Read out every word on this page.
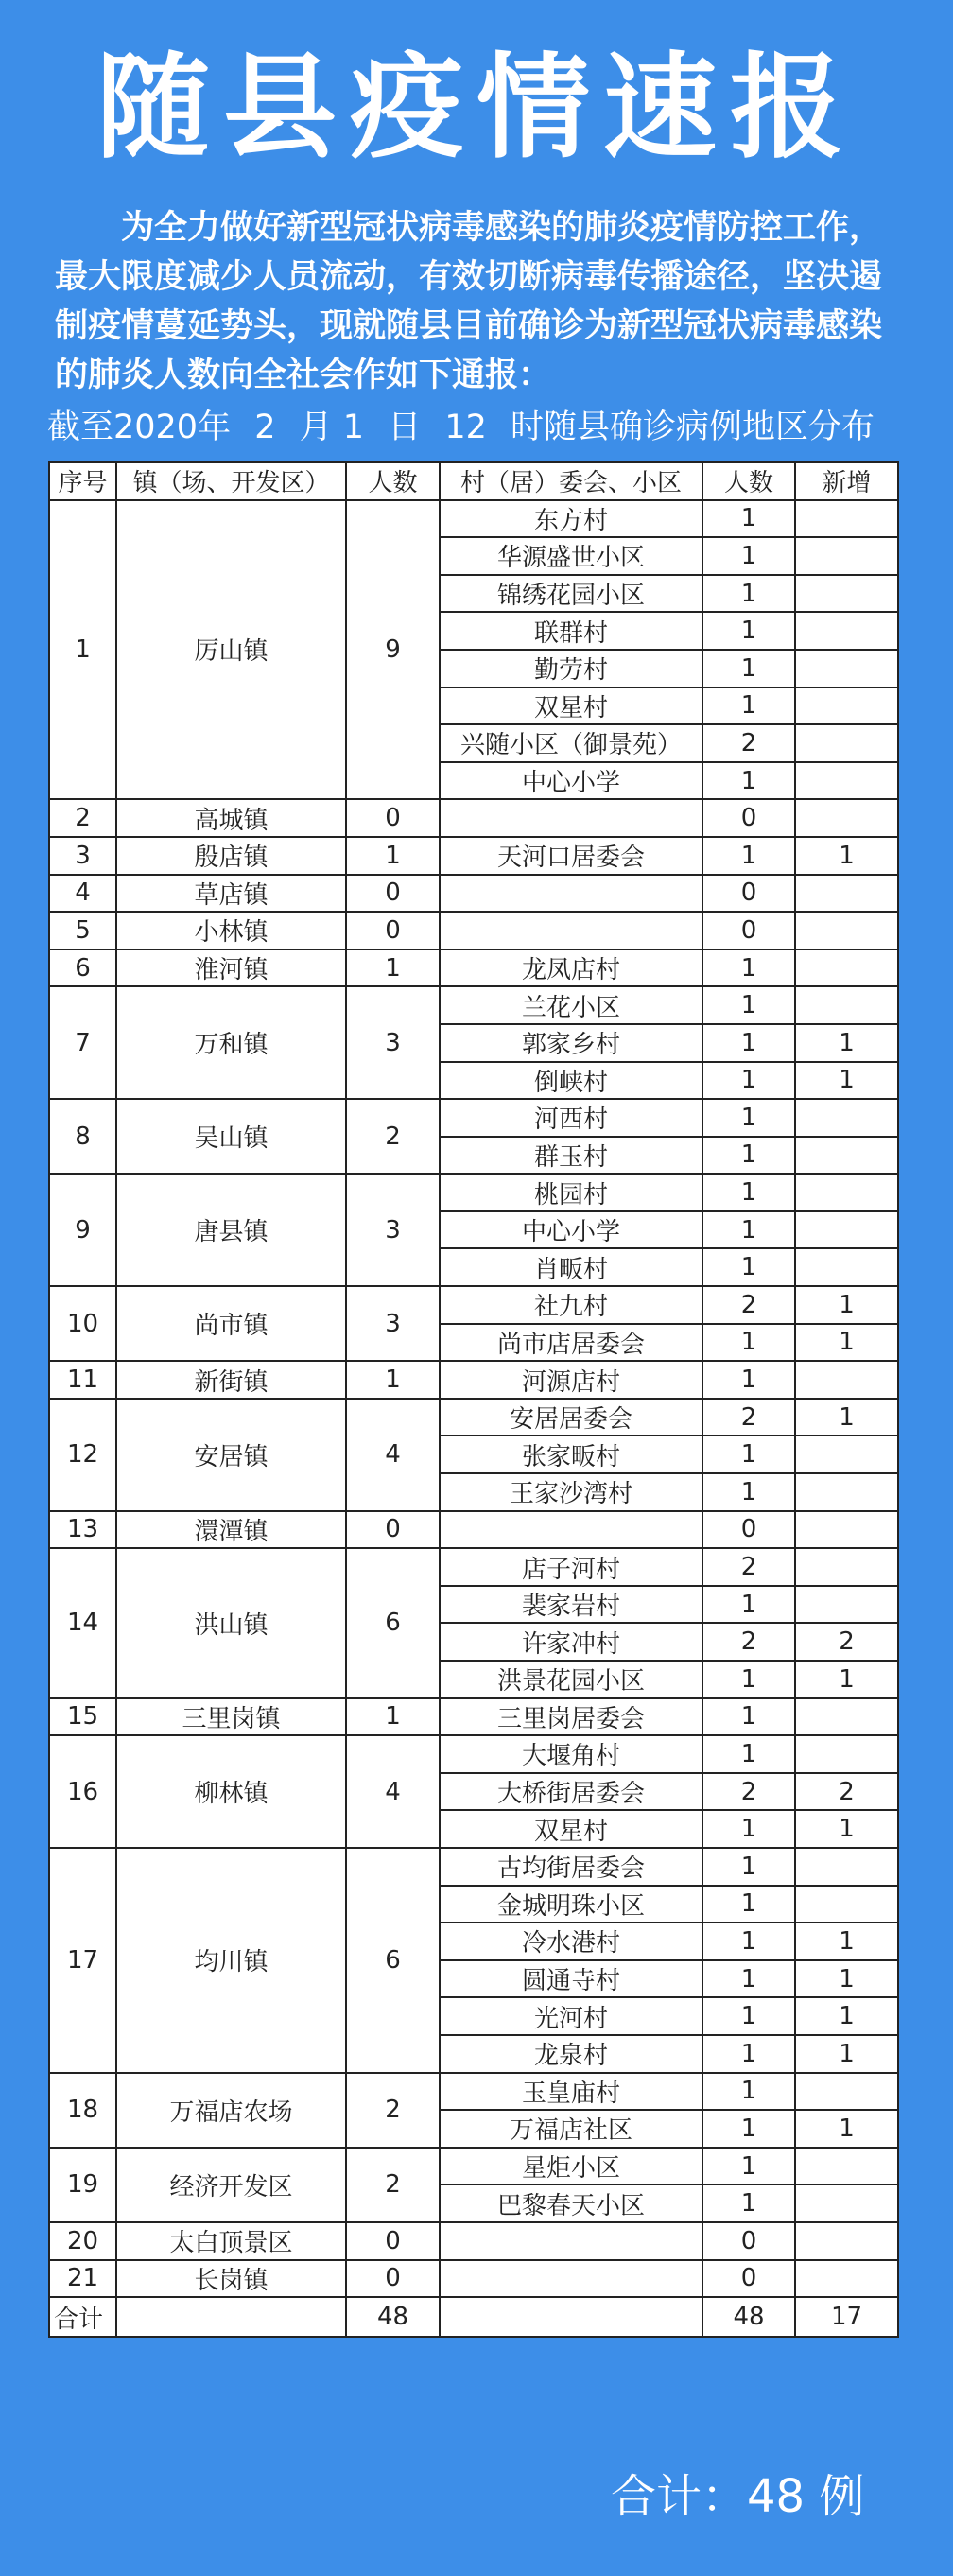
随县疫情速报
为全力做好新型冠状病毒感染的肺炎疫情防控工作，最大限度减少人员流动，有效切断病毒传播途径，坚决遏制疫情蔓延势头，现就随县目前确诊为新型冠状病毒感染的肺炎人数向全社会作如下通报：
截至2020年 2 月 1 日 12 时随县确诊病例地区分布
序号	镇（场、开发区）	人数	村（居）委会、小区	人数	新增
1	厉山镇	9	东方村	1	
			华源盛世小区	1	
			锦绣花园小区	1	
			联群村	1	
			勤劳村	1	
			双星村	1	
			兴随小区（御景苑）	2	
			中心小学	1	
2	高城镇	0		0	
3	殷店镇	1	天河口居委会	1	1
4	草店镇	0		0	
5	小林镇	0		0	
6	淮河镇	1	龙凤店村	1	
7	万和镇	3	兰花小区	1	
			郭家乡村	1	1
			倒峡村	1	1
8	吴山镇	2	河西村	1	
			群玉村	1	
9	唐县镇	3	桃园村	1	
			中心小学	1	
			肖畈村	1	
10	尚市镇	3	社九村	2	1
			尚市店居委会	1	1
11	新街镇	1	河源店村	1	
12	安居镇	4	安居居委会	2	1
			张家畈村	1	
			王家沙湾村	1	
13	澴潭镇	0		0	
14	洪山镇	6	店子河村	2	
			裴家岩村	1	
			许家冲村	2	2
			洪景花园小区	1	1
15	三里岗镇	1	三里岗居委会	1	
16	柳林镇	4	大堰角村	1	
			大桥街居委会	2	2
			双星村	1	1
17	均川镇	6	古均街居委会	1	
			金城明珠小区	1	
			冷水港村	1	1
			圆通寺村	1	1
			光河村	1	1
			龙泉村	1	1
18	万福店农场	2	玉皇庙村	1	
			万福店社区	1	1
19	经济开发区	2	星炬小区	1	
			巴黎春天小区	1	
20	太白顶景区	0		0	
21	长岗镇	0		0	
合计		48		48	17
合计：48 例
